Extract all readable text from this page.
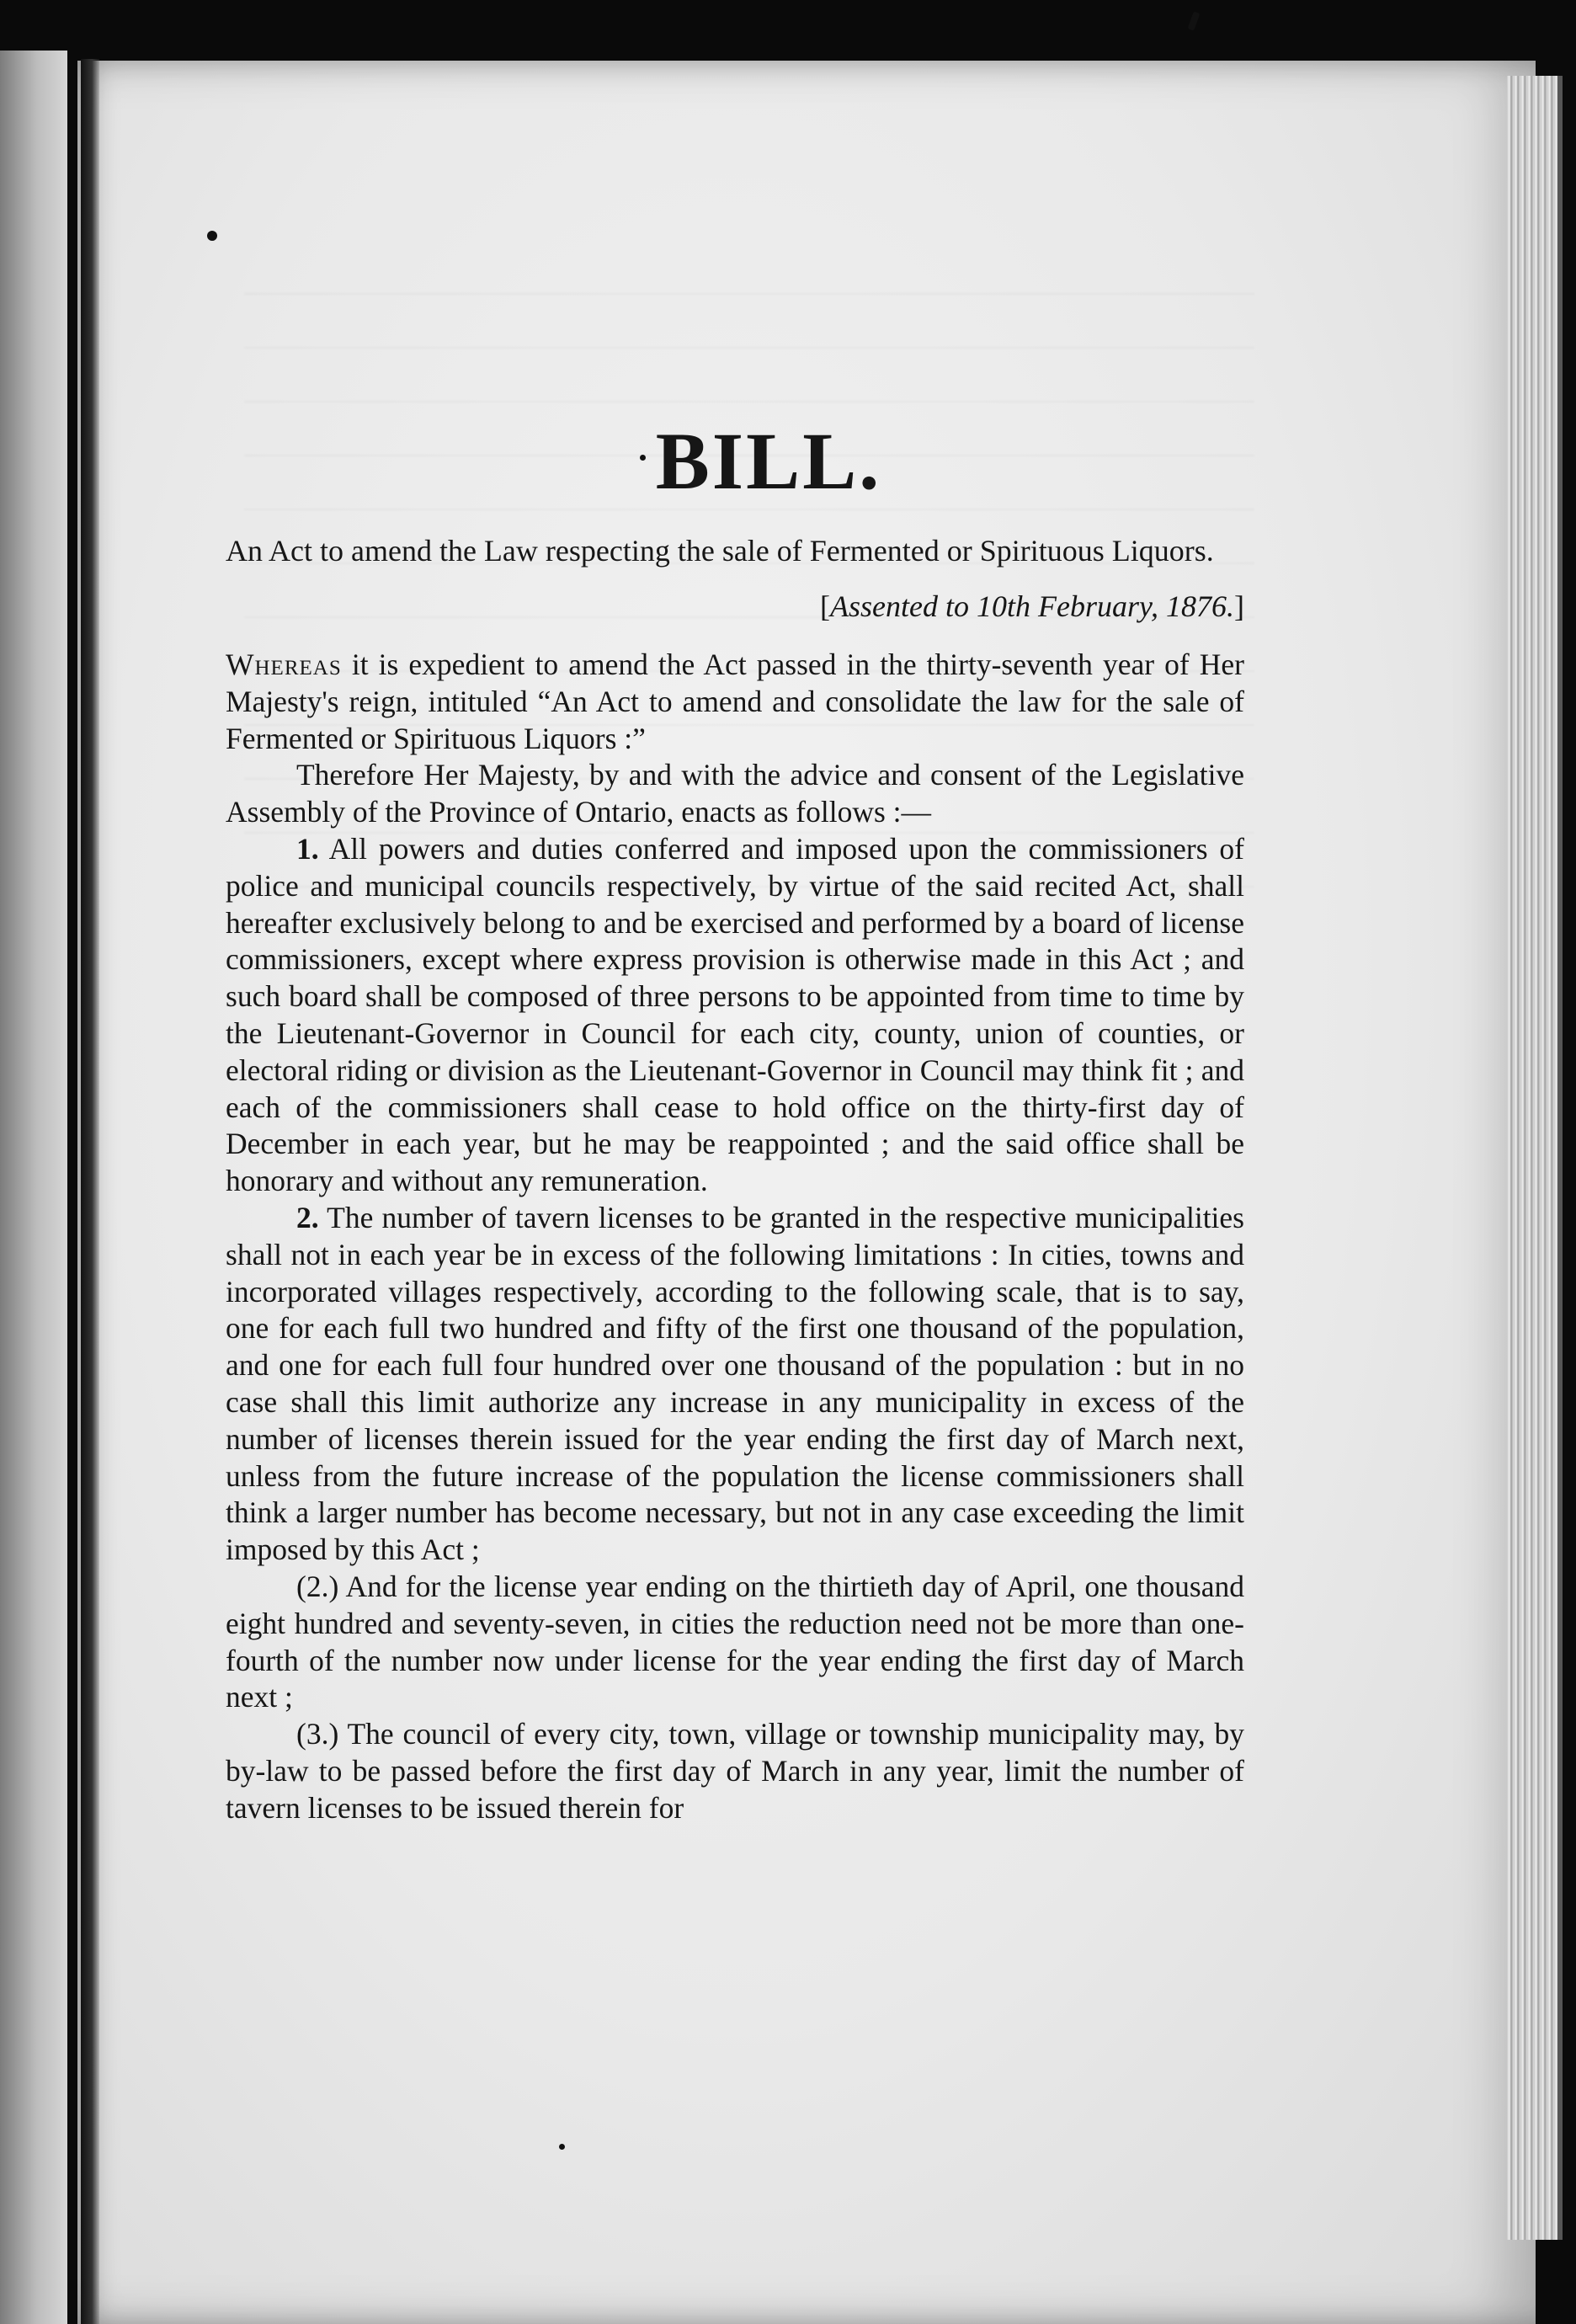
BILL.

An Act to amend the Law respecting the sale of Fermented or Spirituous Liquors.

[Assented to 10th February, 1876.]

Whereas it is expedient to amend the Act passed in the thirty-seventh year of Her Majesty's reign, intituled “An Act to amend and consolidate the law for the sale of Fermented or Spirituous Liquors :”

Therefore Her Majesty, by and with the advice and consent of the Legislative Assembly of the Province of Ontario, enacts as follows :—

1. All powers and duties conferred and imposed upon the commissioners of police and municipal councils respectively, by virtue of the said recited Act, shall hereafter exclusively belong to and be exercised and performed by a board of license commissioners, except where express provision is otherwise made in this Act ; and such board shall be composed of three persons to be appointed from time to time by the Lieutenant-Governor in Council for each city, county, union of counties, or electoral riding or division as the Lieutenant-Governor in Council may think fit ; and each of the commissioners shall cease to hold office on the thirty-first day of December in each year, but he may be reappointed ; and the said office shall be honorary and without any remuneration.

2. The number of tavern licenses to be granted in the respective municipalities shall not in each year be in excess of the following limitations : In cities, towns and incorporated villages respectively, according to the following scale, that is to say, one for each full two hundred and fifty of the first one thousand of the population, and one for each full four hundred over one thousand of the population : but in no case shall this limit authorize any increase in any municipality in excess of the number of licenses therein issued for the year ending the first day of March next, unless from the future increase of the population the license commissioners shall think a larger number has become necessary, but not in any case exceeding the limit imposed by this Act ;

(2.) And for the license year ending on the thirtieth day of April, one thousand eight hundred and seventy-seven, in cities the reduction need not be more than one-fourth of the number now under license for the year ending the first day of March next ;

(3.) The council of every city, town, village or township municipality may, by by-law to be passed before the first day of March in any year, limit the number of tavern licenses to be issued therein for
